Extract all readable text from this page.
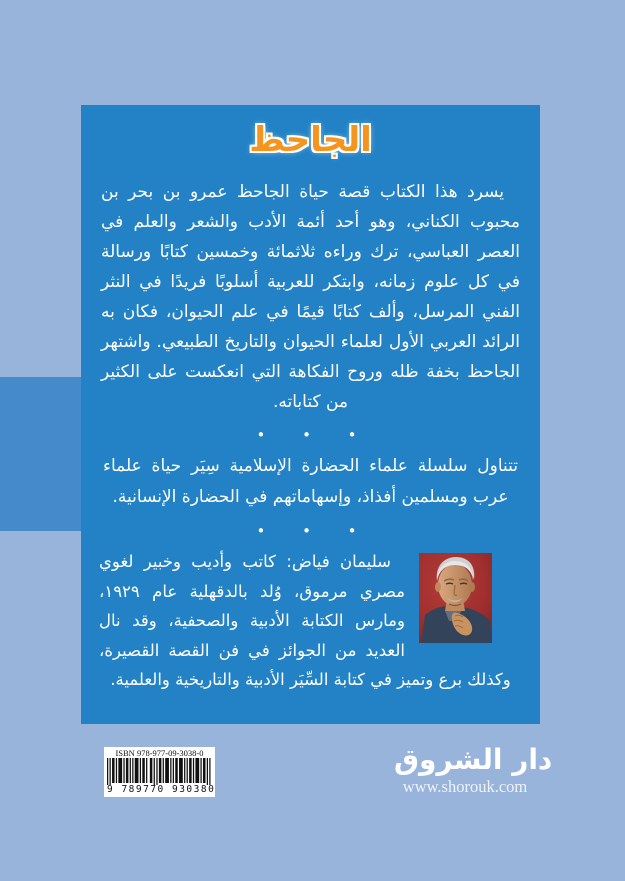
الجاحظ

يسرد هذا الكتاب قصة حياة الجاحظ عمرو بن بحر بن محبوب الكناني، وهو أحد أئمة الأدب والشعر والعلم في العصر العباسي، ترك وراءه ثلاثمائة وخمسين كتابًا ورسالة في كل علوم زمانه، وابتكر للعربية أسلوبًا فريدًا في النثر الفني المرسل، وألف كتابًا قيمًا في علم الحيوان، فكان به الرائد العربي الأول لعلماء الحيوان والتاريخ الطبيعي. واشتهر الجاحظ بخفة ظله وروح الفكاهة التي انعكست على الكثير من كتاباته.

• • •

تتناول سلسلة علماء الحضارة الإسلامية سِيَر حياة علماء عرب ومسلمين أفذاذ، وإسهاماتهم في الحضارة الإنسانية.

• • •

سليمان فياض: كاتب وأديب وخبير لغوي مصري مرموق، وُلد بالدقهلية عام ١٩٢٩، ومارس الكتابة الأدبية والصحفية، وقد نال العديد من الجوائز في فن القصة القصيرة، وكذلك برع وتميز في كتابة السِّيَر الأدبية والتاريخية والعلمية.

ISBN 978-977-09-3038-0
9 789770 930380
دار الشروق
www.shorouk.com
